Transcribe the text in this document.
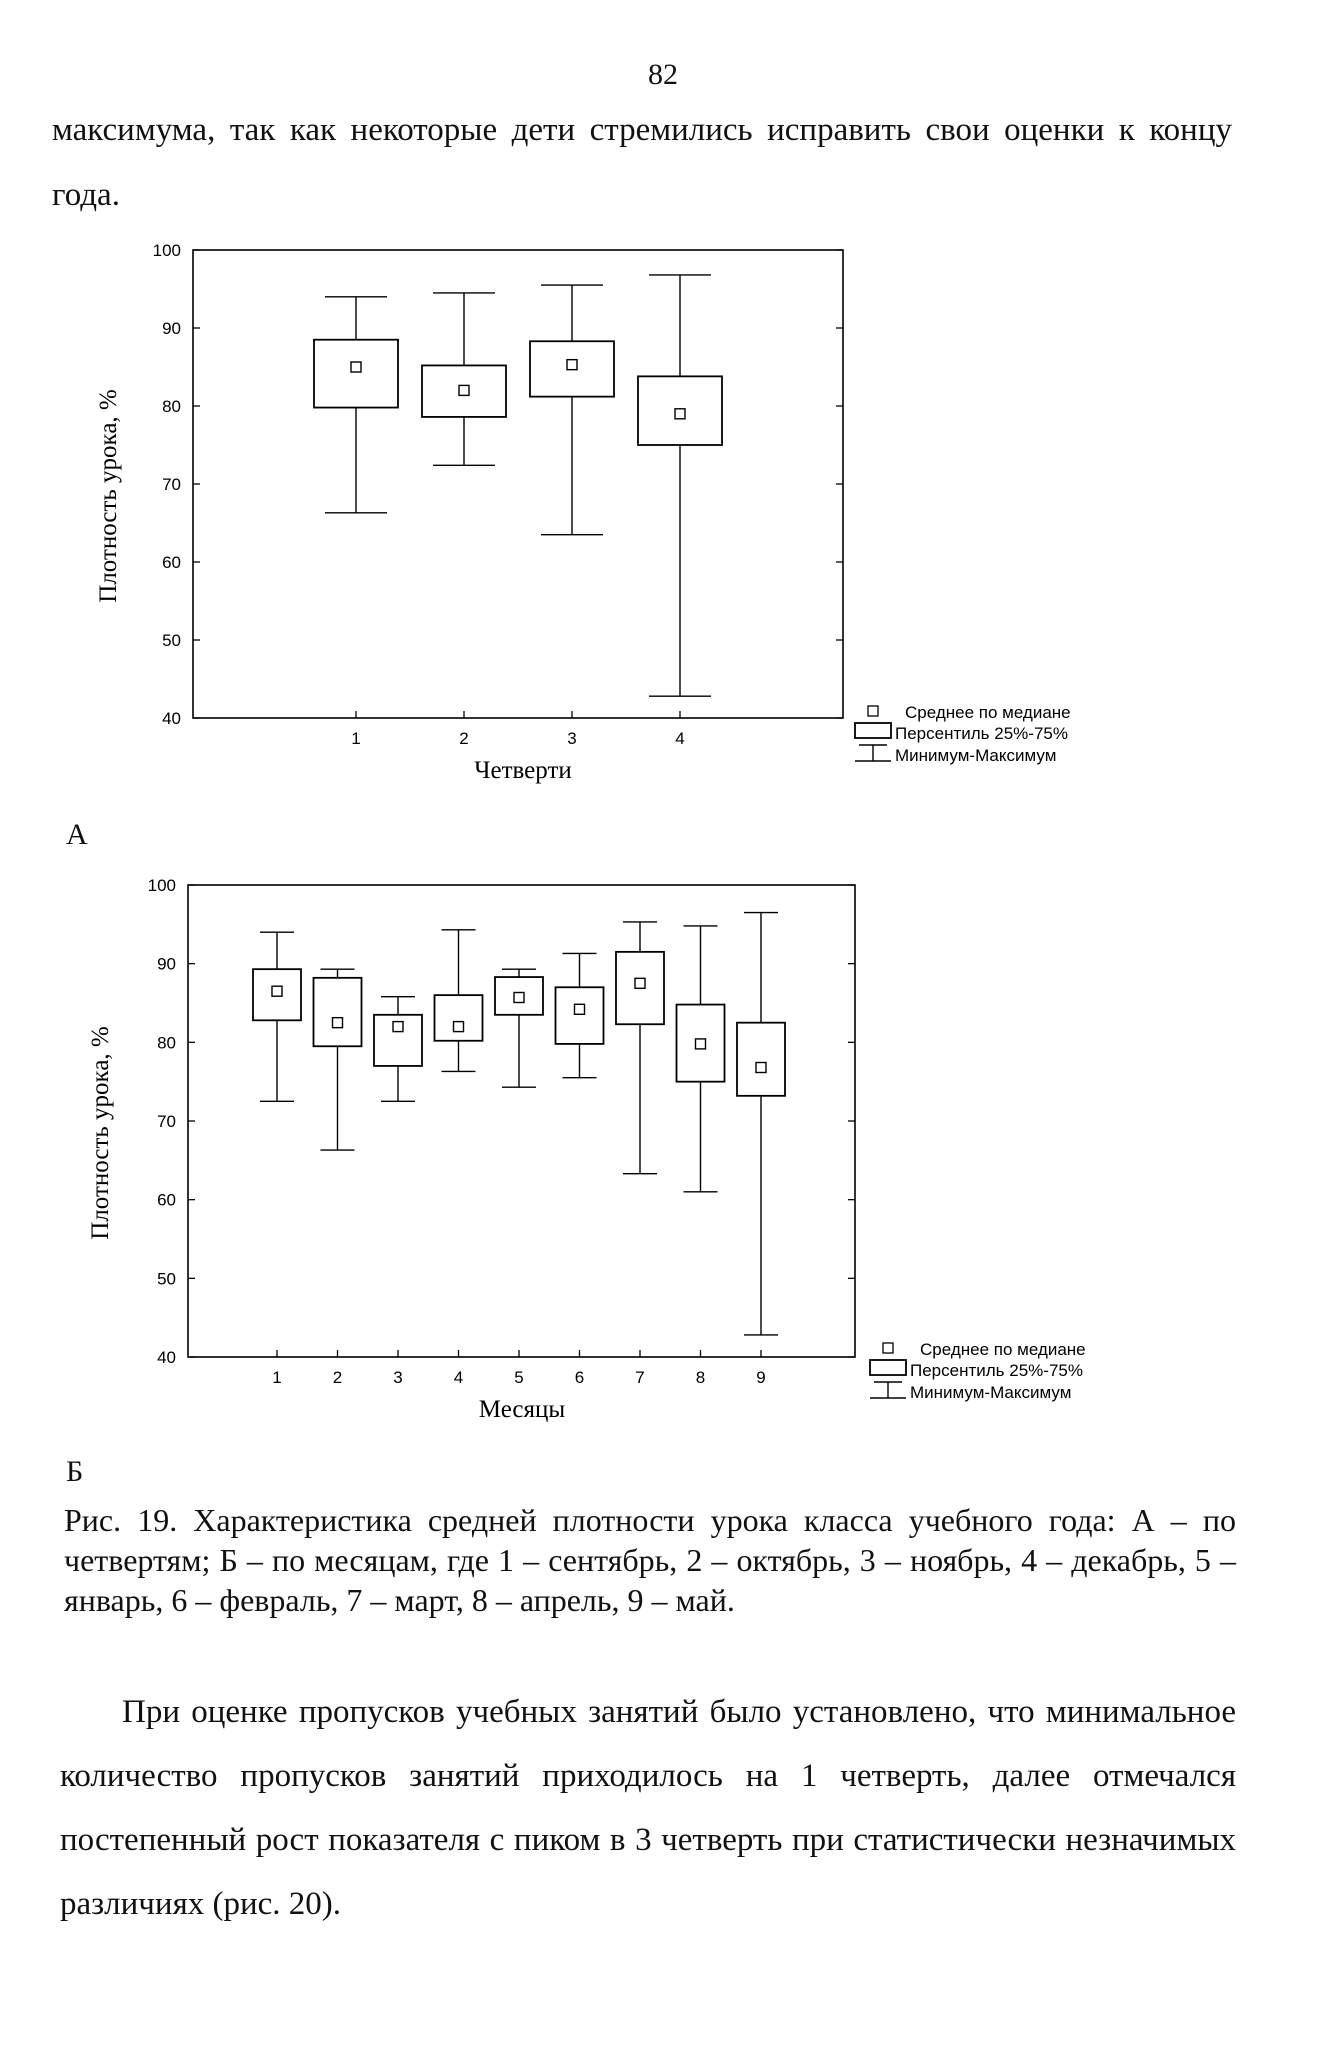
82
максимума, так как некоторые дети стремились исправить свои оценки к концу года.
40
50
60
70
80
90
100
1	2	3	4
Четверти
Плотность урока, %
Среднее по медиане
Персентиль 25%-75%
Минимум-Максимум
А
40
50
60
70
80
90
100
1	2	3	4	5	6	7	8	9
Месяцы
Плотность урока, %
Среднее по медиане
Персентиль 25%-75%
Минимум-Максимум
Б
Рис. 19. Характеристика средней плотности урока класса учебного года: А – по четвертям; Б – по месяцам, где 1 – сентябрь, 2 – октябрь, 3 – ноябрь, 4 – декабрь, 5 – январь, 6 – февраль, 7 – март, 8 – апрель, 9 – май.
При оценке пропусков учебных занятий было установлено, что минимальное количество пропусков занятий приходилось на 1 четверть, далее отмечался постепенный рост показателя с пиком в 3 четверть при статистически незначимых различиях (рис. 20).
